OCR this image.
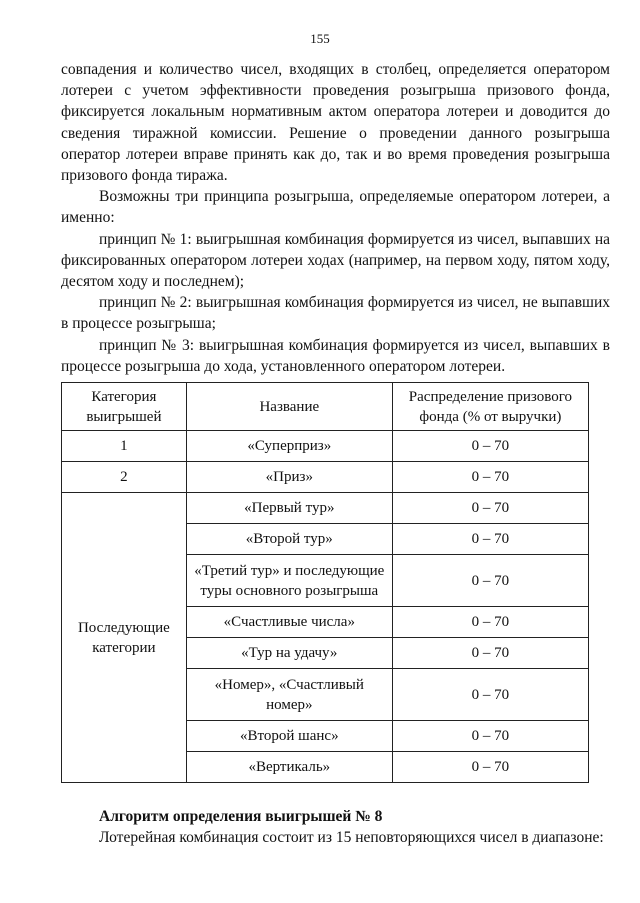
155

совпадения и количество чисел, входящих в столбец, определяется оператором лотереи с учетом эффективности проведения розыгрыша призового фонда, фиксируется локальным нормативным актом оператора лотереи и доводится до сведения тиражной комиссии. Решение о проведении данного розыгрыша оператор лотереи вправе принять как до, так и во время проведения розыгрыша призового фонда тиража.

Возможны три принципа розыгрыша, определяемые оператором лотереи, а именно:

принцип № 1: выигрышная комбинация формируется из чисел, выпавших на фиксированных оператором лотереи ходах (например, на первом ходу, пятом ходу, десятом ходу и последнем);

принцип № 2: выигрышная комбинация формируется из чисел, не выпавших в процессе розыгрыша;

принцип № 3: выигрышная комбинация формируется из чисел, выпавших в процессе розыгрыша до хода, установленного оператором лотереи.

Категория выигрышей	Название	Распределение призового фонда (% от выручки)
1	«Суперприз»	0 – 70
2	«Приз»	0 – 70
Последующие категории	«Первый тур»	0 – 70
	«Второй тур»	0 – 70
	«Третий тур» и последующие туры основного розыгрыша	0 – 70
	«Счастливые числа»	0 – 70
	«Тур на удачу»	0 – 70
	«Номер», «Счастливый номер»	0 – 70
	«Второй шанс»	0 – 70
	«Вертикаль»	0 – 70
Алгоритм определения выигрышей № 8
Лотерейная комбинация состоит из 15 неповторяющихся чисел в диапазоне:
